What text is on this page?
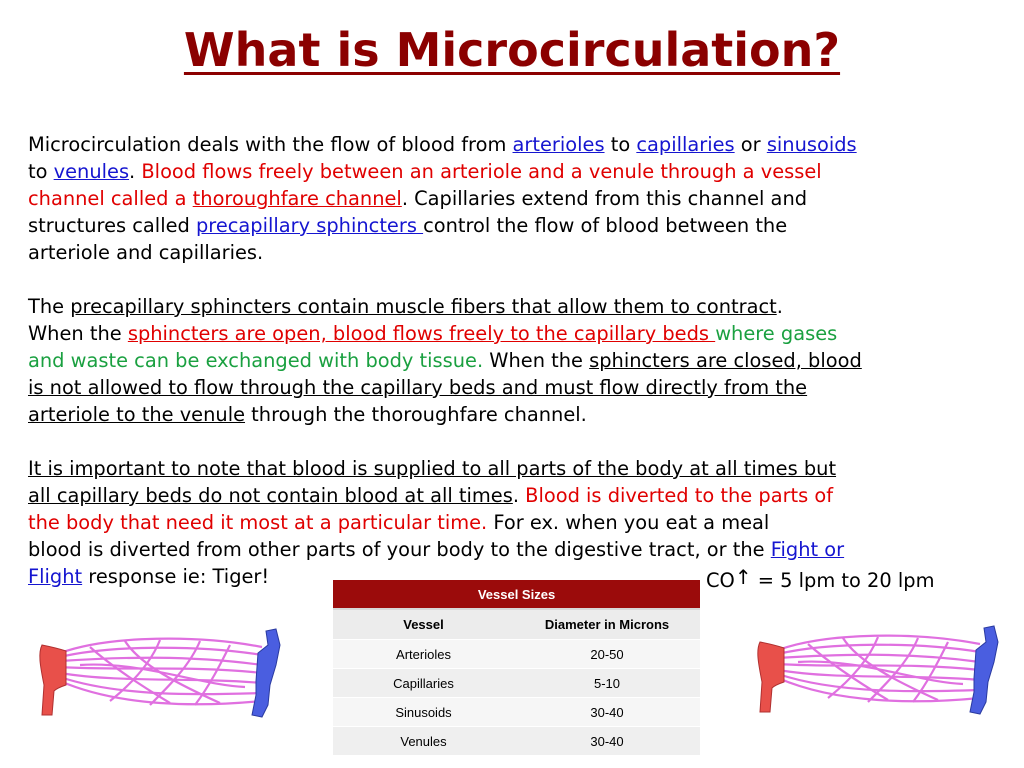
What is Microcirculation?
Microcirculation deals with the flow of blood from arterioles to capillaries or sinusoids
to venules. Blood flows freely between an arteriole and a venule through a vessel
channel called a thoroughfare channel. Capillaries extend from this channel and
structures called precapillary sphincters control the flow of blood between the
arteriole and capillaries.
The precapillary sphincters contain muscle fibers that allow them to contract.
When the sphincters are open, blood flows freely to the capillary beds where gases
and waste can be exchanged with body tissue. When the sphincters are closed, blood
is not allowed to flow through the capillary beds and must flow directly from the
arteriole to the venule through the thoroughfare channel.
It is important to note that blood is supplied to all parts of the body at all times but
all capillary beds do not contain blood at all times. Blood is diverted to the parts of
the body that need it most at a particular time. For ex. when you eat a meal
blood is diverted from other parts of your body to the digestive tract, or the Fight or
Flight response ie: Tiger!	CO↑ = 5 lpm to 20 lpm
Vessel Sizes
Vessel	Diameter in Microns
Arterioles	20-50
Capillaries	5-10
Sinusoids	30-40
Venules	30-40
